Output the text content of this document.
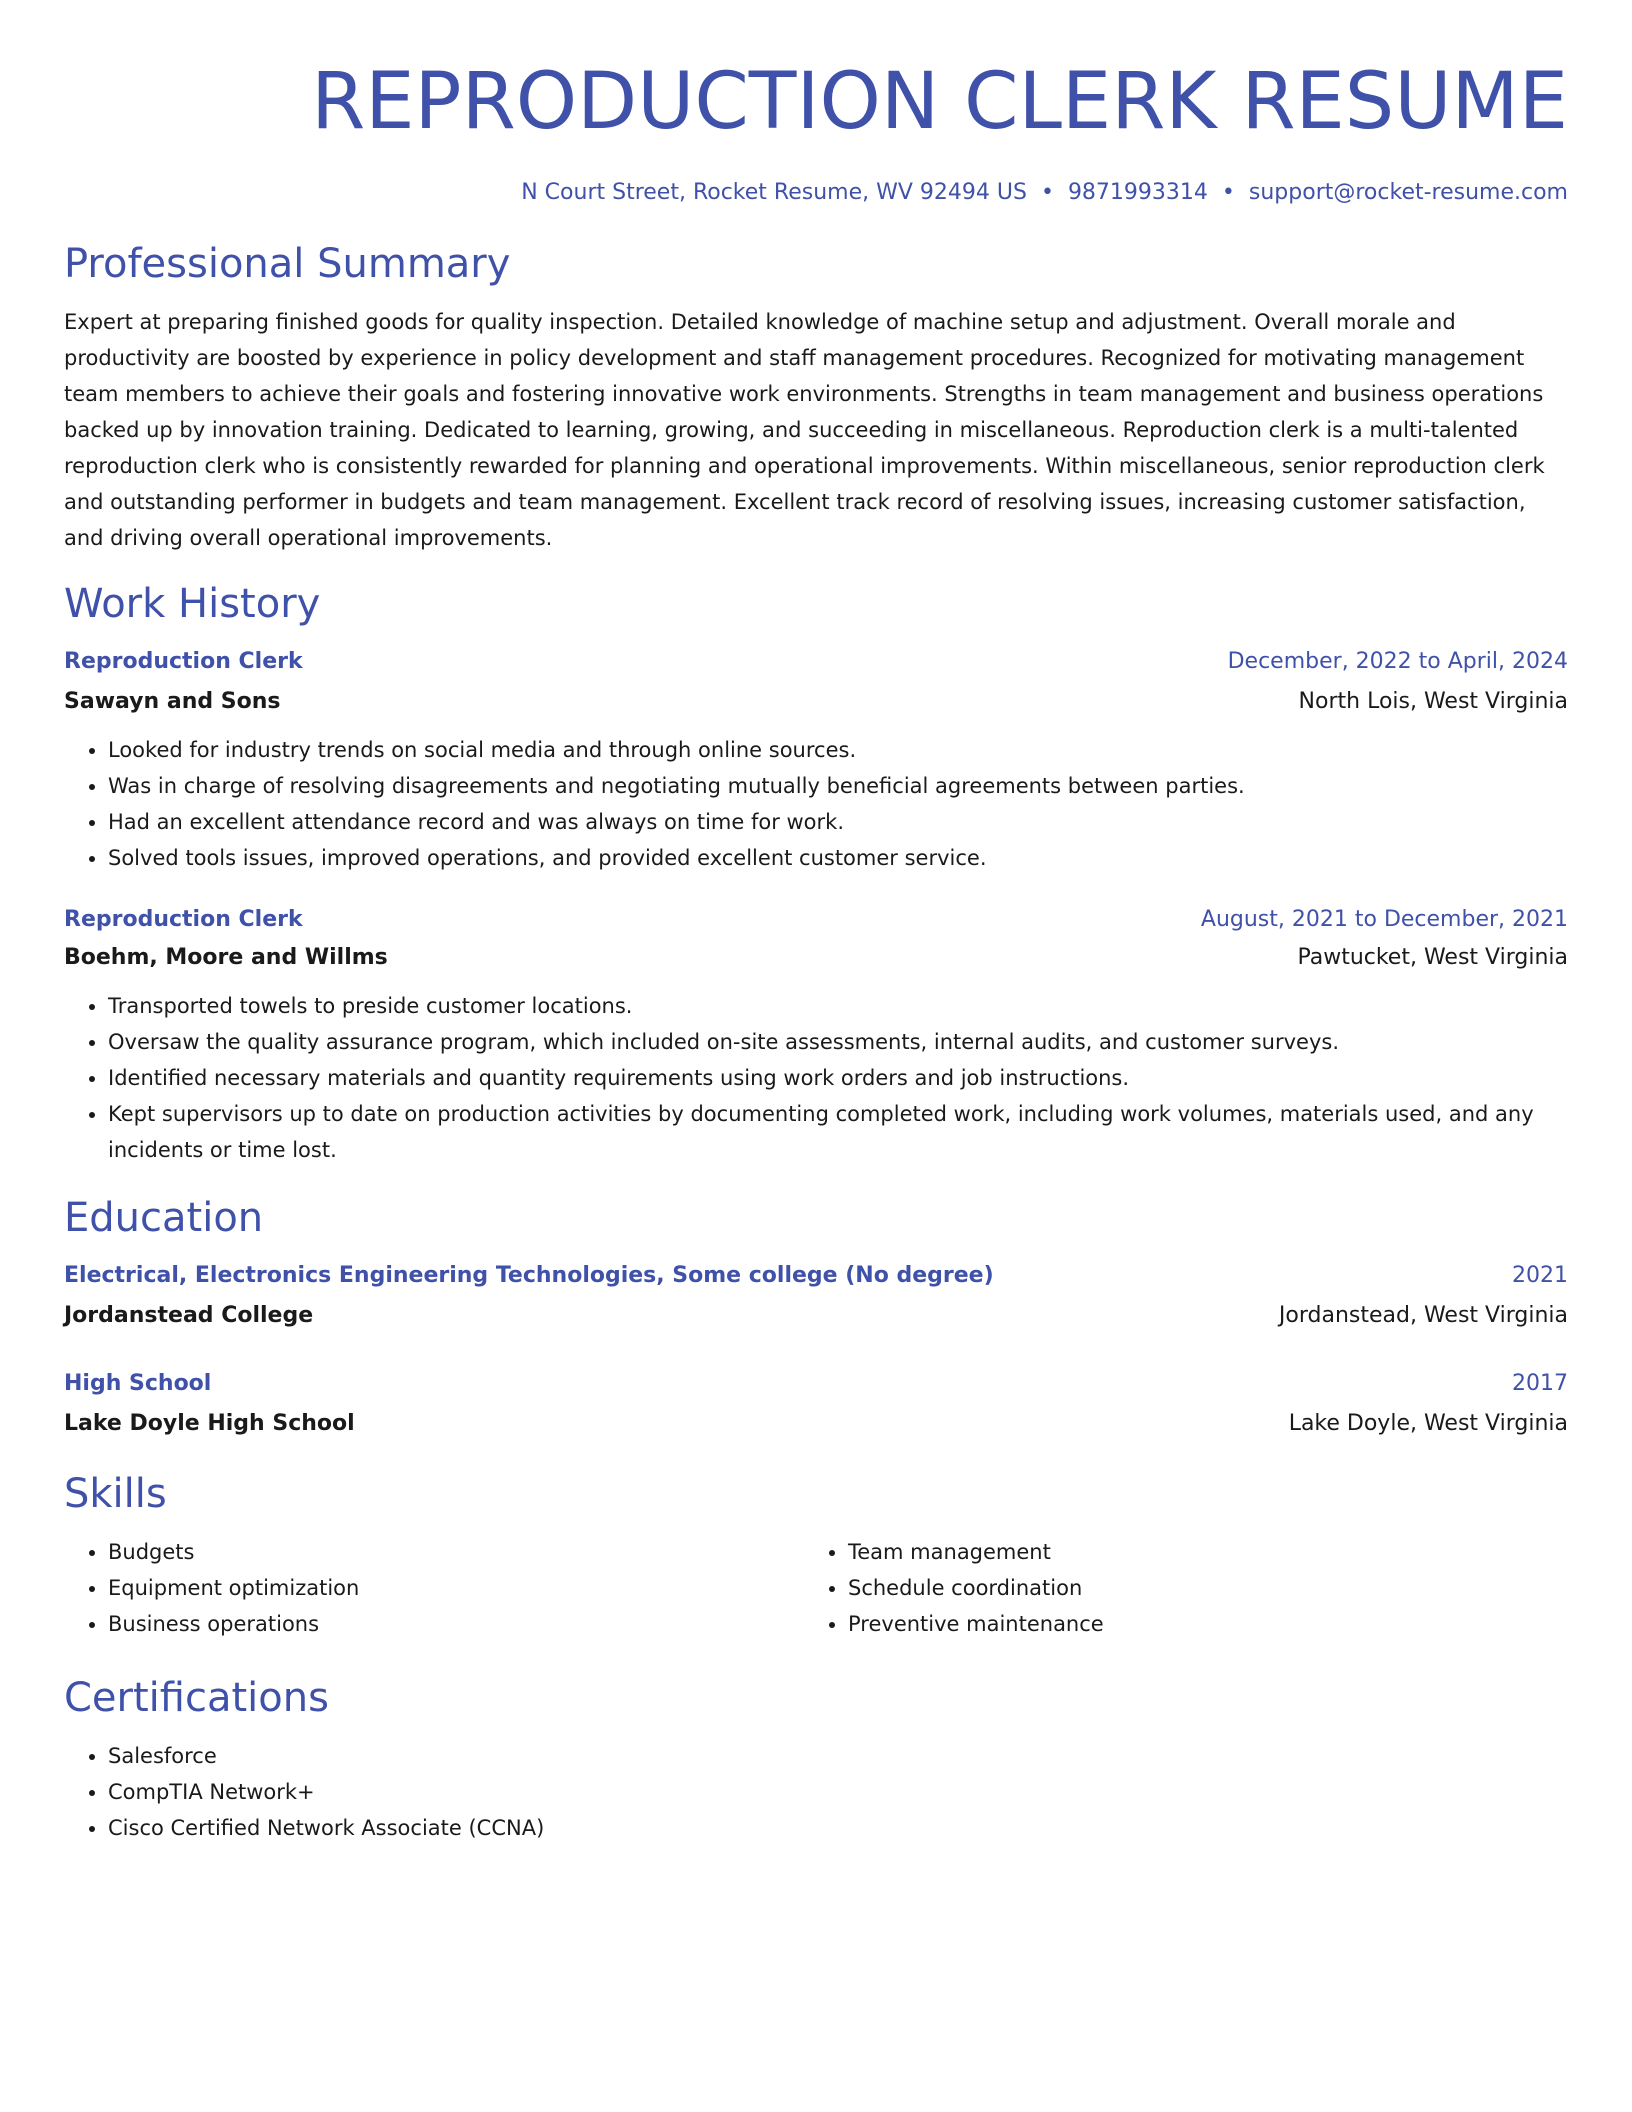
REPRODUCTION CLERK RESUME
N Court Street, Rocket Resume, WV 92494 US • 9871993314 • support@rocket-resume.com
Professional Summary

Expert at preparing finished goods for quality inspection. Detailed knowledge of machine setup and adjustment. Overall morale and productivity are boosted by experience in policy development and staff management procedures. Recognized for motivating management team members to achieve their goals and fostering innovative work environments. Strengths in team management and business operations backed up by innovation training. Dedicated to learning, growing, and succeeding in miscellaneous. Reproduction clerk is a multi-talented reproduction clerk who is consistently rewarded for planning and operational improvements. Within miscellaneous, senior reproduction clerk and outstanding performer in budgets and team management. Excellent track record of resolving issues, increasing customer satisfaction, and driving overall operational improvements.

Work History
Reproduction Clerk	December, 2022 to April, 2024
Sawayn and Sons	North Lois, West Virginia
• Looked for industry trends on social media and through online sources.
• Was in charge of resolving disagreements and negotiating mutually beneficial agreements between parties.
• Had an excellent attendance record and was always on time for work.
• Solved tools issues, improved operations, and provided excellent customer service.
Reproduction Clerk	August, 2021 to December, 2021
Boehm, Moore and Willms	Pawtucket, West Virginia
• Transported towels to preside customer locations.
• Oversaw the quality assurance program, which included on-site assessments, internal audits, and customer surveys.
• Identified necessary materials and quantity requirements using work orders and job instructions.
• Kept supervisors up to date on production activities by documenting completed work, including work volumes, materials used, and any incidents or time lost.
Education
Electrical, Electronics Engineering Technologies, Some college (No degree)	2021
Jordanstead College	Jordanstead, West Virginia
High School	2017
Lake Doyle High School	Lake Doyle, West Virginia
Skills
• Budgets
• Equipment optimization
• Business operations
• Team management
• Schedule coordination
• Preventive maintenance
Certifications
• Salesforce
• CompTIA Network+
• Cisco Certified Network Associate (CCNA)
